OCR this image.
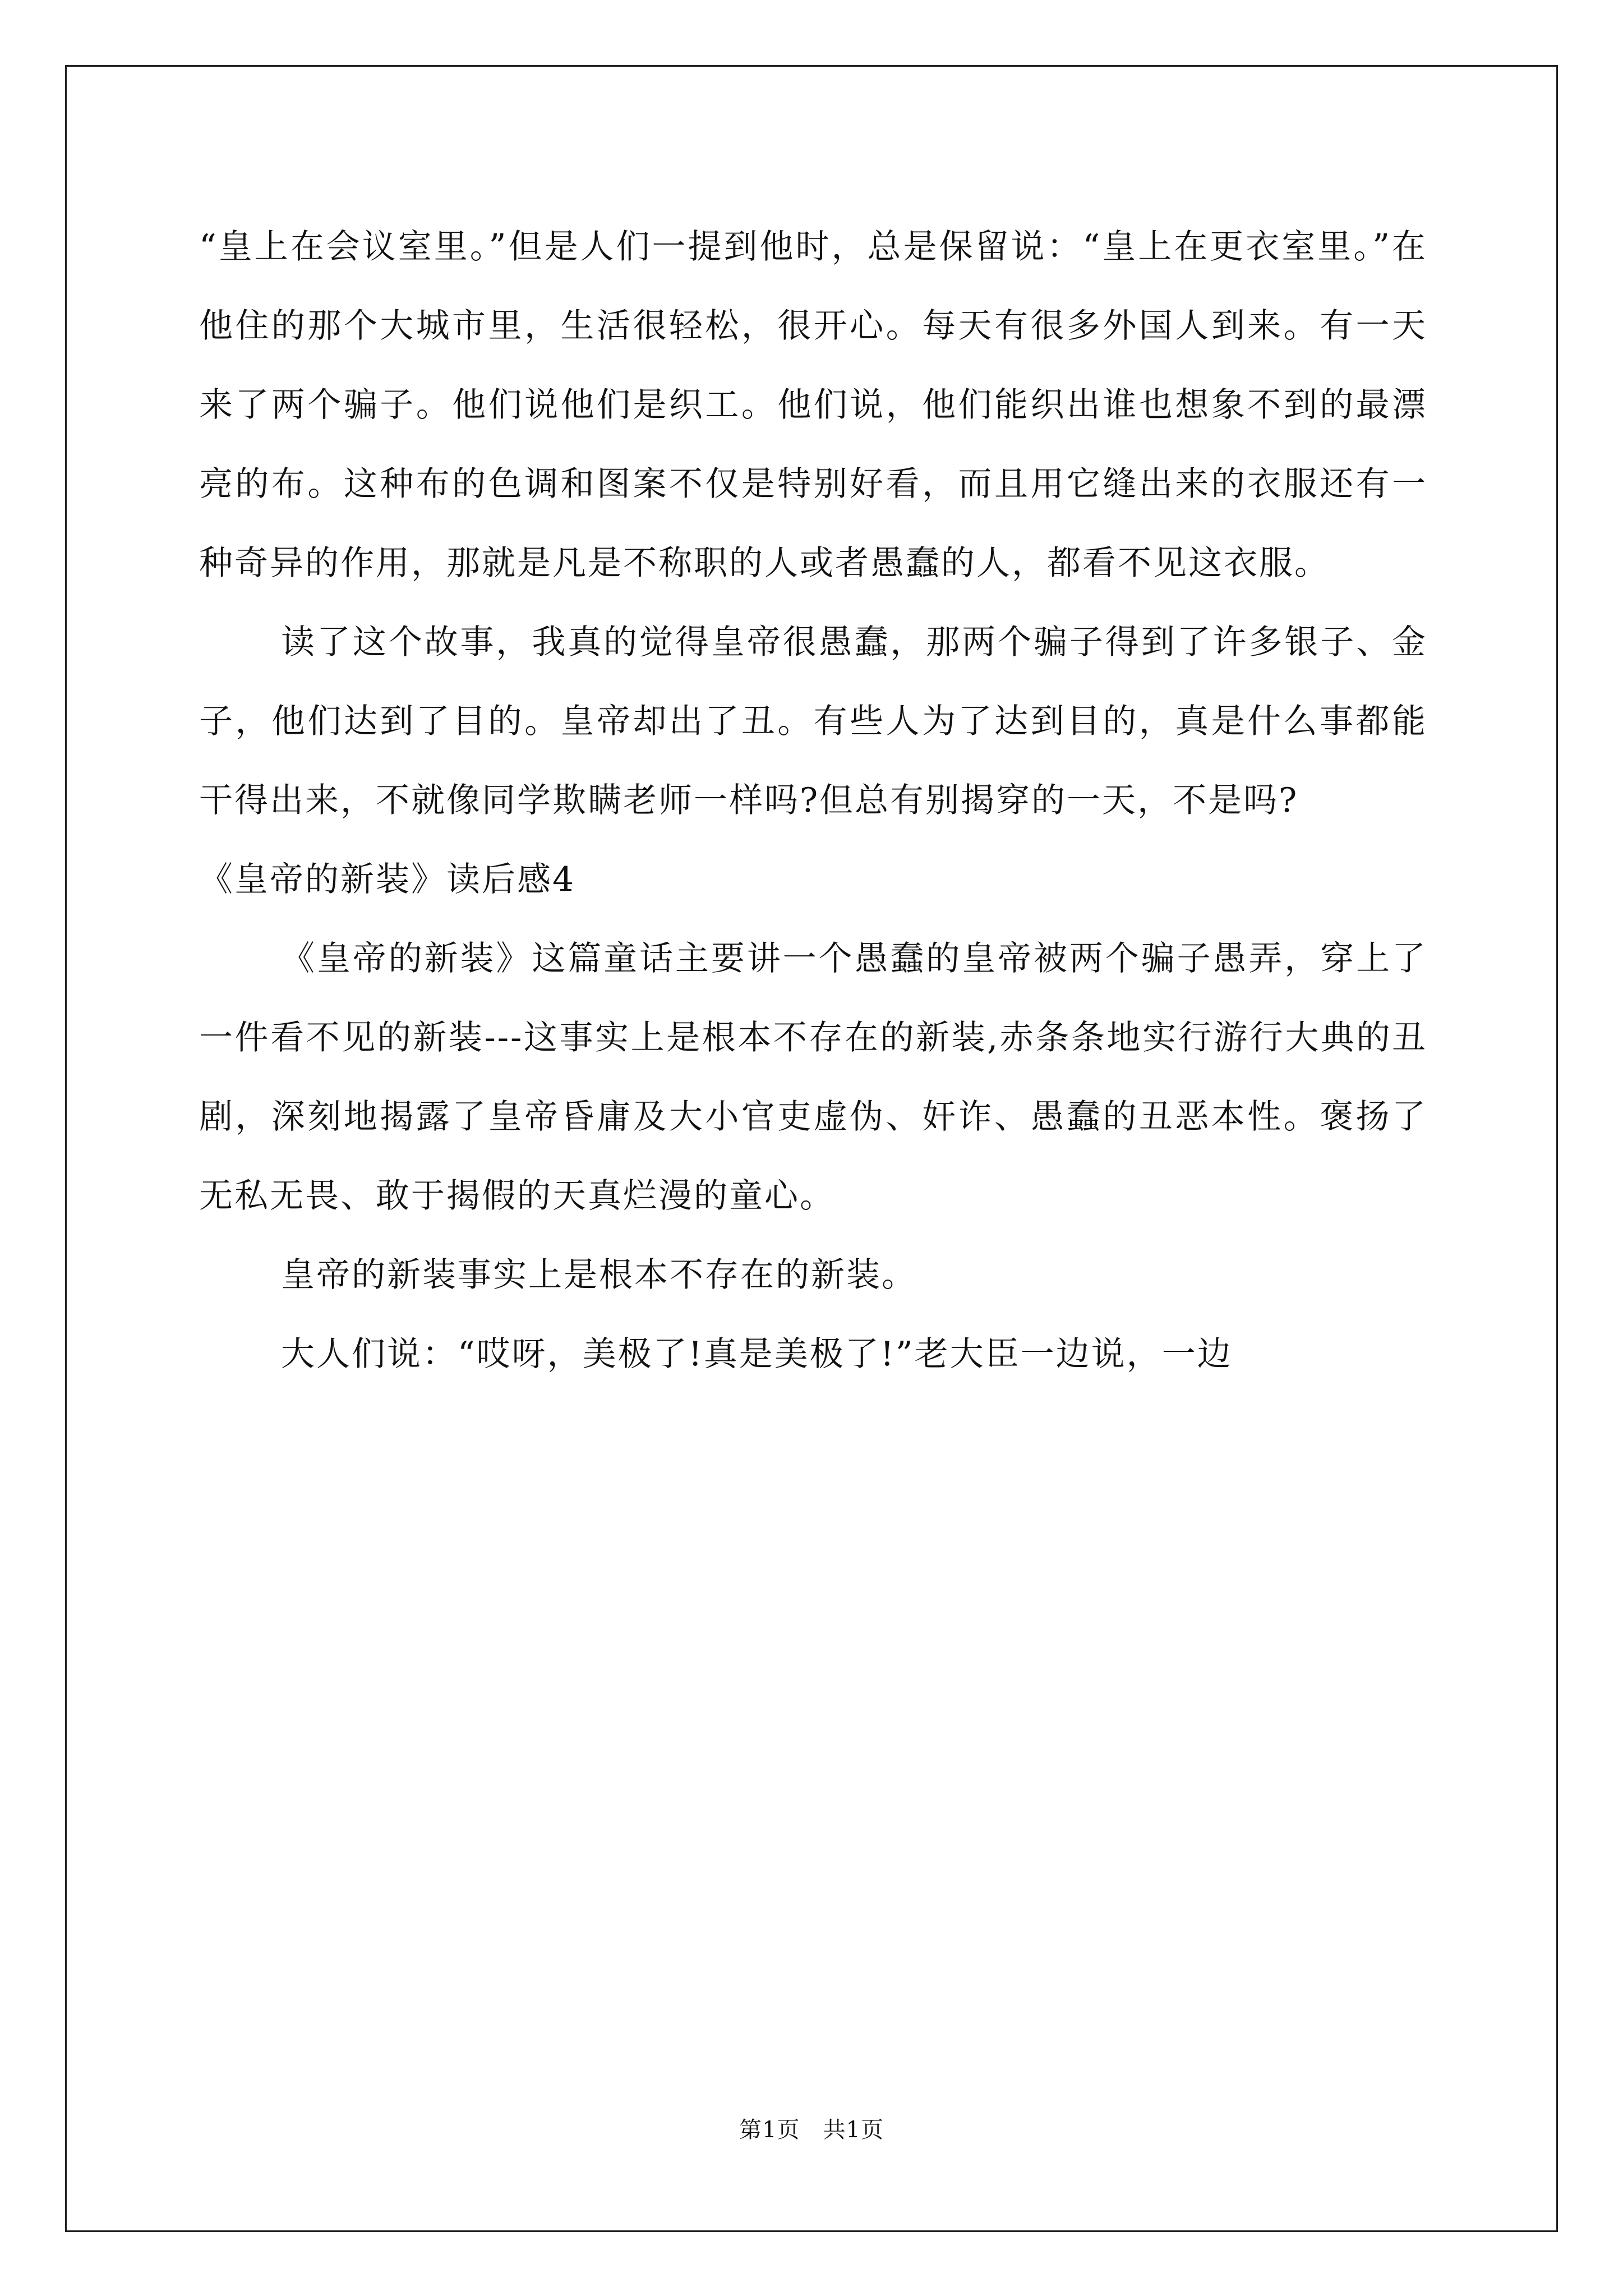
“皇上在会议室里。”但是人们一提到他时，总是保留说：“皇上在更衣室里。”在他住的那个大城市里，生活很轻松，很开心。每天有很多外国人到来。有一天来了两个骗子。他们说他们是织工。他们说，他们能织出谁也想象不到的最漂亮的布。这种布的色调和图案不仅是特别好看，而且用它缝出来的衣服还有一种奇异的作用，那就是凡是不称职的人或者愚蠢的人，都看不见这衣服。

读了这个故事，我真的觉得皇帝很愚蠢，那两个骗子得到了许多银子、金子，他们达到了目的。皇帝却出了丑。有些人为了达到目的，真是什么事都能干得出来，不就像同学欺瞒老师一样吗?但总有别揭穿的一天，不是吗?

《皇帝的新装》读后感4

《皇帝的新装》这篇童话主要讲一个愚蠢的皇帝被两个骗子愚弄，穿上了一件看不见的新装---这事实上是根本不存在的新装,赤条条地实行游行大典的丑剧，深刻地揭露了皇帝昏庸及大小官吏虚伪、奸诈、愚蠢的丑恶本性。褒扬了无私无畏、敢于揭假的天真烂漫的童心。

皇帝的新装事实上是根本不存在的新装。

大人们说：“哎呀，美极了!真是美极了!”老大臣一边说，一边

第1页　共1页
